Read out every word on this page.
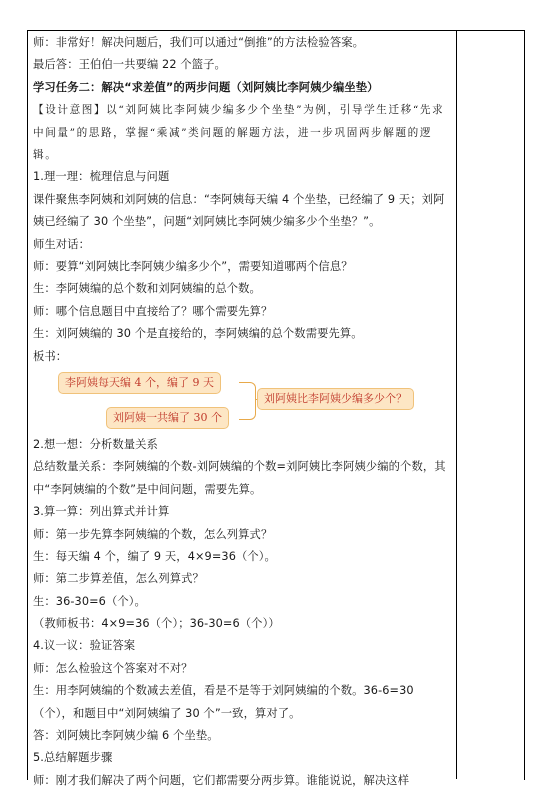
师：非常好！解决问题后，我们可以通过“倒推”的方法检验答案。
最后答：王伯伯一共要编 22 个篮子。
学习任务二：解决“求差值”的两步问题（刘阿姨比李阿姨少编坐垫）
【设计意图】以“刘阿姨比李阿姨少编多少个坐垫”为例，引导学生迁移“先求中间量”的思路，掌握“乘减”类问题的解题方法，进一步巩固两步解题的逻辑。
1.理一理：梳理信息与问题
课件聚焦李阿姨和刘阿姨的信息：“李阿姨每天编 4 个坐垫，已经编了 9 天；刘阿姨已经编了 30 个坐垫”，问题“刘阿姨比李阿姨少编多少个坐垫？”。
师生对话：
师：要算“刘阿姨比李阿姨少编多少个”，需要知道哪两个信息？
生：李阿姨编的总个数和刘阿姨编的总个数。
师：哪个信息题目中直接给了？哪个需要先算？
生：刘阿姨编的 30 个是直接给的，李阿姨编的总个数需要先算。
板书：
李阿姨每天编 4 个，编了 9 天
刘阿姨一共编了 30 个
刘阿姨比李阿姨少编多少个？
2.想一想：分析数量关系
总结数量关系：李阿姨编的个数-刘阿姨编的个数=刘阿姨比李阿姨少编的个数，其中“李阿姨编的个数”是中间问题，需要先算。
3.算一算：列出算式并计算
师：第一步先算李阿姨编的个数，怎么列算式？
生：每天编 4 个，编了 9 天，4×9=36（个）。
师：第二步算差值，怎么列算式？
生：36-30=6（个）。
（教师板书：4×9=36（个）；36-30=6（个））
4.议一议：验证答案
师：怎么检验这个答案对不对？
生：用李阿姨编的个数减去差值，看是不是等于刘阿姨编的个数。36-6=30（个），和题目中“刘阿姨编了 30 个”一致，算对了。
答：刘阿姨比李阿姨少编 6 个坐垫。
5.总结解题步骤
师：刚才我们解决了两个问题，它们都需要分两步算。谁能说说，解决这样
